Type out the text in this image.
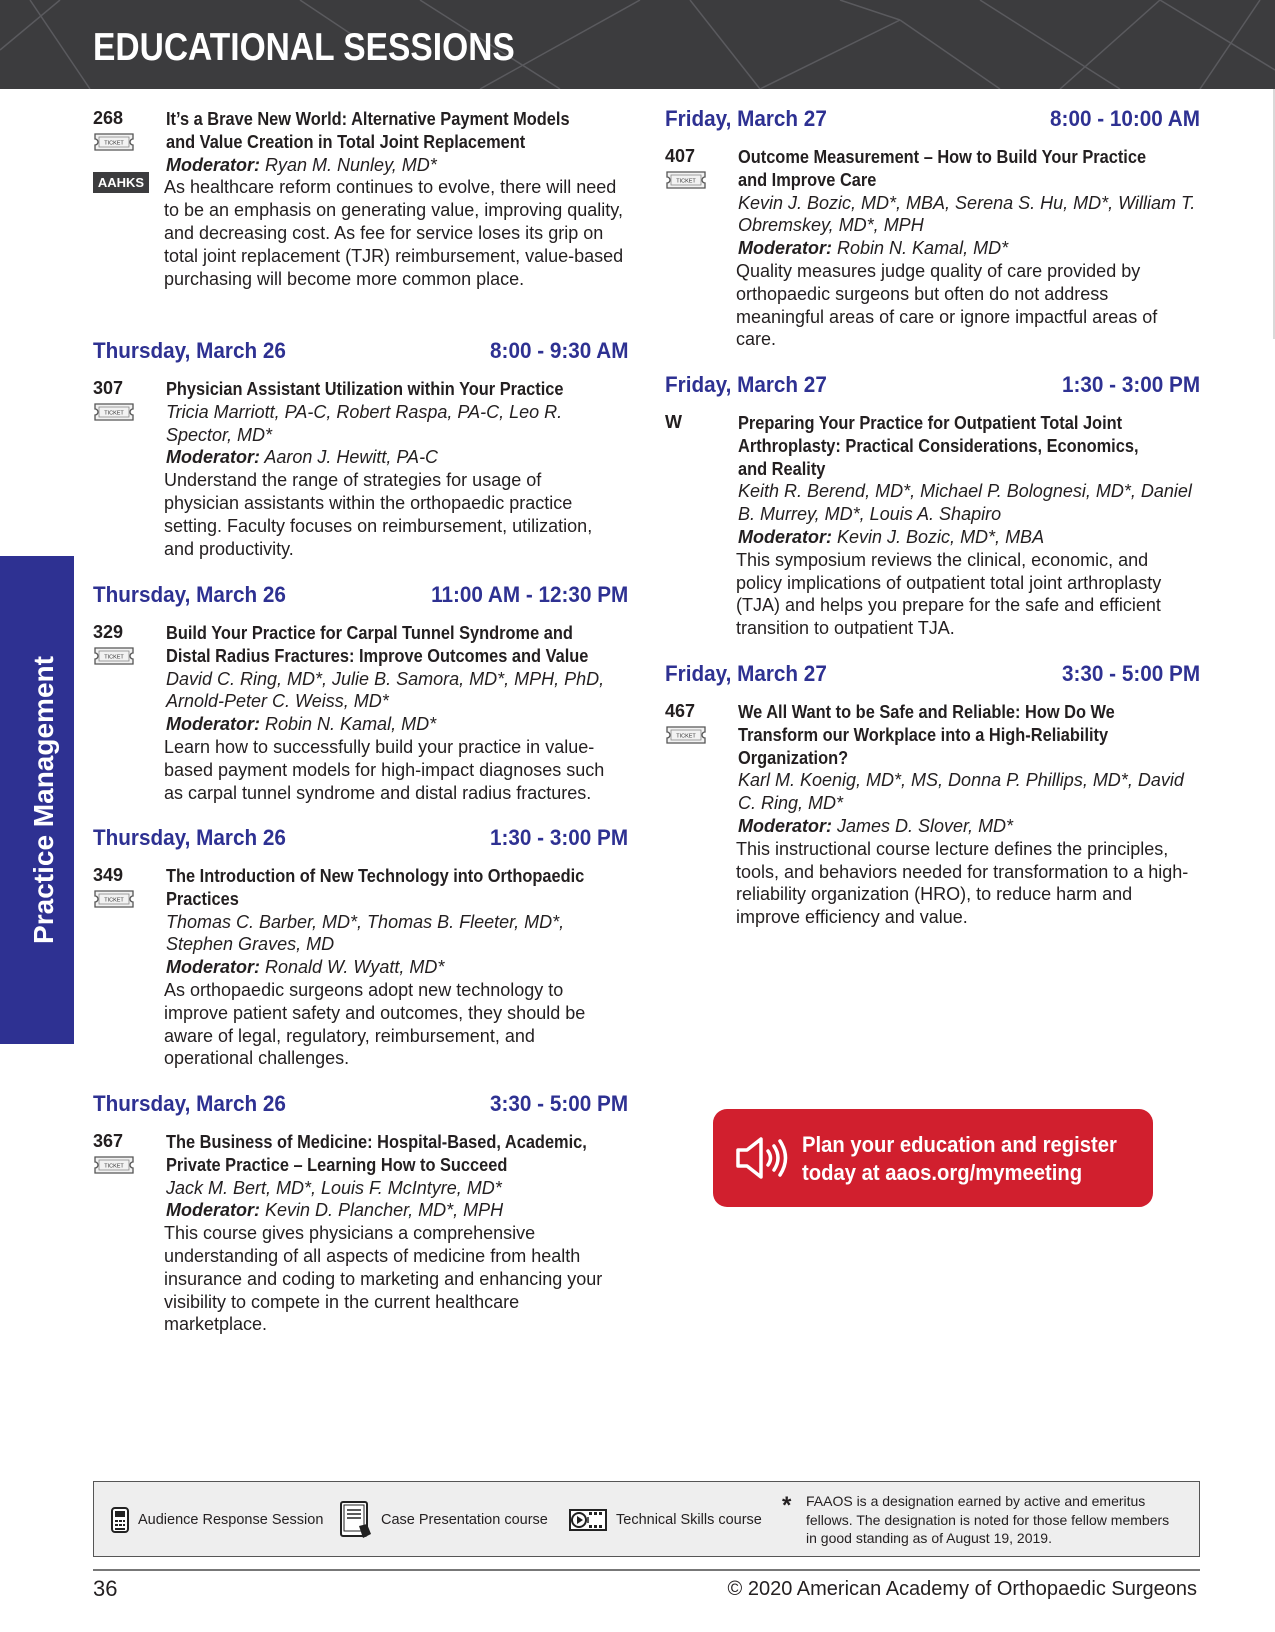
EDUCATIONAL SESSIONS
Practice Management
268
TICKET
AAHKS
It’s a Brave New World: Alternative Payment Models and Value Creation in Total Joint Replacement
Moderator: Ryan M. Nunley, MD*
As healthcare reform continues to evolve, there will need to be an emphasis on generating value, improving quality, and decreasing cost. As fee for service loses its grip on total joint replacement (TJR) reimbursement, value-based purchasing will become more common place.
Thursday, March 26	8:00 - 9:30 AM
307
TICKET
Physician Assistant Utilization within Your Practice
Tricia Marriott, PA-C, Robert Raspa, PA-C, Leo R. Spector, MD*
Moderator: Aaron J. Hewitt, PA-C
Understand the range of strategies for usage of physician assistants within the orthopaedic practice setting. Faculty focuses on reimbursement, utilization, and productivity.
Thursday, March 26	11:00 AM - 12:30 PM
329
TICKET
Build Your Practice for Carpal Tunnel Syndrome and Distal Radius Fractures: Improve Outcomes and Value
David C. Ring, MD*, Julie B. Samora, MD*, MPH, PhD, Arnold-Peter C. Weiss, MD*
Moderator: Robin N. Kamal, MD*
Learn how to successfully build your practice in value-based payment models for high-impact diagnoses such as carpal tunnel syndrome and distal radius fractures.
Thursday, March 26	1:30 - 3:00 PM
349
TICKET
The Introduction of New Technology into Orthopaedic Practices
Thomas C. Barber, MD*, Thomas B. Fleeter, MD*, Stephen Graves, MD
Moderator: Ronald W. Wyatt, MD*
As orthopaedic surgeons adopt new technology to improve patient safety and outcomes, they should be aware of legal, regulatory, reimbursement, and operational challenges.
Thursday, March 26	3:30 - 5:00 PM
367
TICKET
The Business of Medicine: Hospital-Based, Academic, Private Practice – Learning How to Succeed
Jack M. Bert, MD*, Louis F. McIntyre, MD*
Moderator: Kevin D. Plancher, MD*, MPH
This course gives physicians a comprehensive understanding of all aspects of medicine from health insurance and coding to marketing and enhancing your visibility to compete in the current healthcare marketplace.
Friday, March 27	8:00 - 10:00 AM
407
TICKET
Outcome Measurement – How to Build Your Practice and Improve Care
Kevin J. Bozic, MD*, MBA, Serena S. Hu, MD*, William T. Obremskey, MD*, MPH
Moderator: Robin N. Kamal, MD*
Quality measures judge quality of care provided by orthopaedic surgeons but often do not address meaningful areas of care or ignore impactful areas of care.
Friday, March 27	1:30 - 3:00 PM
W	Preparing Your Practice for Outpatient Total Joint Arthroplasty: Practical Considerations, Economics, and Reality
Keith R. Berend, MD*, Michael P. Bolognesi, MD*, Daniel B. Murrey, MD*, Louis A. Shapiro
Moderator: Kevin J. Bozic, MD*, MBA
This symposium reviews the clinical, economic, and policy implications of outpatient total joint arthroplasty (TJA) and helps you prepare for the safe and efficient transition to outpatient TJA.
Friday, March 27	3:30 - 5:00 PM
467
TICKET
We All Want to be Safe and Reliable: How Do We Transform our Workplace into a High-Reliability Organization?
Karl M. Koenig, MD*, MS, Donna P. Phillips, MD*, David C. Ring, MD*
Moderator: James D. Slover, MD*
This instructional course lecture defines the principles, tools, and behaviors needed for transformation to a high-reliability organization (HRO), to reduce harm and improve efficiency and value.
Plan your education and register
today at aaos.org/mymeeting
Audience Response Session	Case Presentation course	Technical Skills course
* FAAOS is a designation earned by active and emeritus fellows. The designation is noted for those fellow members in good standing as of August 19, 2019.
36	© 2020 American Academy of Orthopaedic Surgeons
